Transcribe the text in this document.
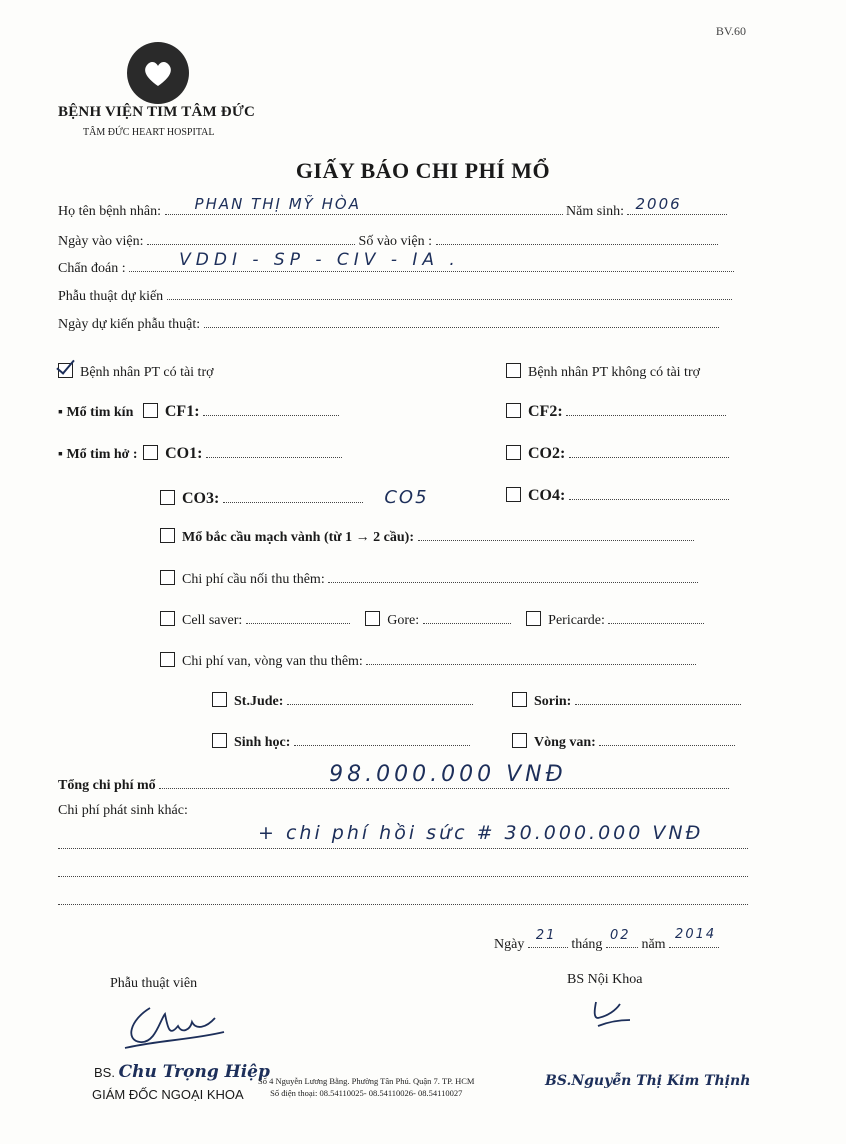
BV.60
BỆNH VIỆN TIM TÂM ĐỨC
TÂM ĐỨC HEART HOSPITAL
GIẤY BÁO CHI PHÍ MỔ
Họ tên bệnh nhân: PHAN THỊ MỸ HÒA	Năm sinh: 2006
Ngày vào viện:	Số vào viện :
Chẩn đoán :	VDDI - SP - CIV - IA .
Phẫu thuật dự kiến
Ngày dự kiến phẫu thuật:
Bệnh nhân PT có tài trợ	Bệnh nhân PT không có tài trợ
▪ Mổ tim kín CF1:	CF2:
▪ Mổ tim hở : CO1:	CO2:
CO3:	CO5	CO4:
Mổ bắc cầu mạch vành (từ 1 → 2 cầu):
Chi phí cầu nối thu thêm:
Cell saver:	Gore:	Pericarde:
Chi phí van, vòng van thu thêm:
St.Jude:	Sorin:
Sinh học:	Vòng van:
Tổng chi phí mổ	98.000.000 VNĐ
Chi phí phát sinh khác:
+ chi phí hồi sức # 30.000.000 VNĐ
Ngày
21
tháng
02
năm
2014
Phẫu thuật viên
BS. Chu Trọng Hiệp
GIÁM ĐỐC NGOẠI KHOA
BS Nội Khoa
BS.Nguyễn Thị Kim Thịnh
Số 4 Nguyễn Lương Bằng. Phường Tân Phú. Quận 7. TP. HCM
Số điện thoại: 08.54110025- 08.54110026- 08.54110027
